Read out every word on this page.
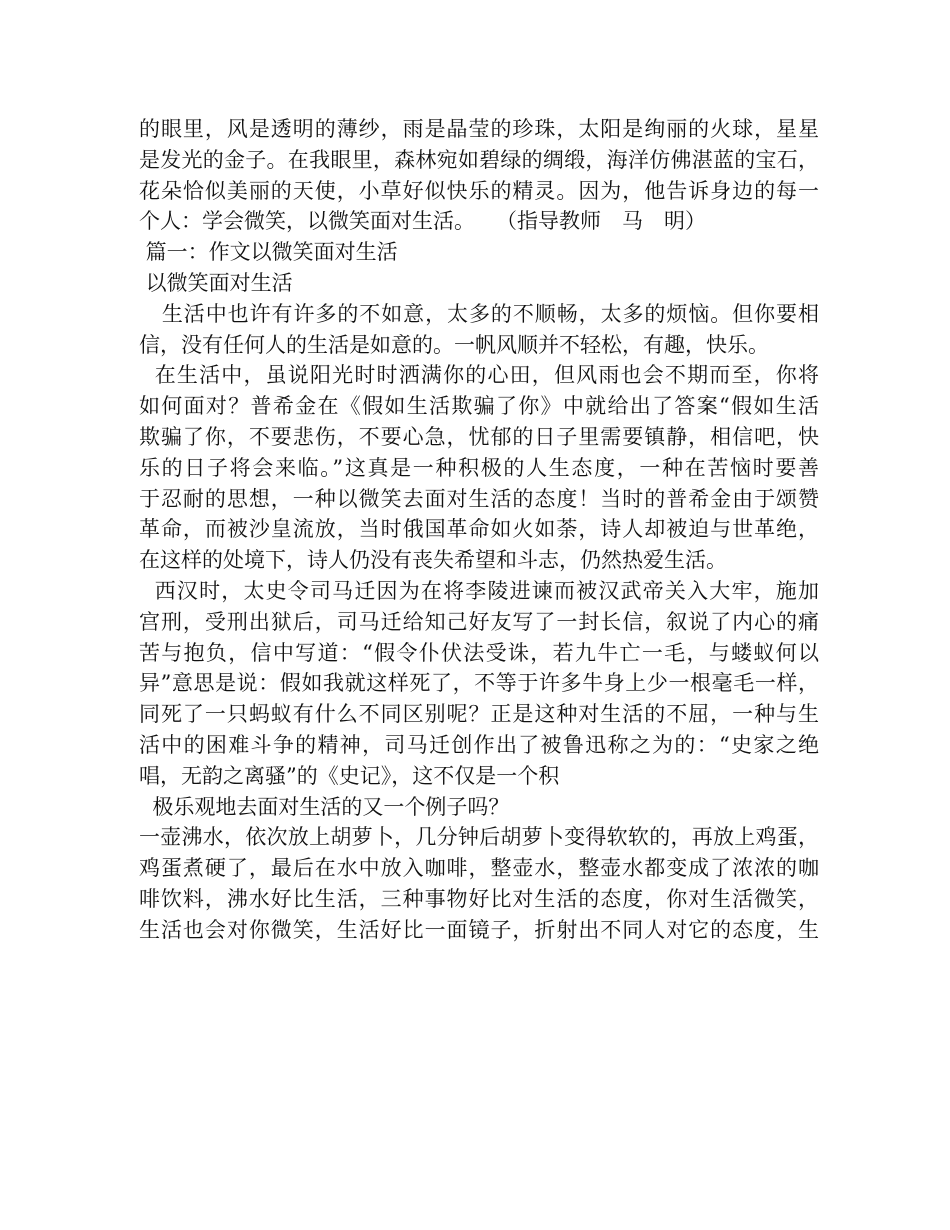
的眼里，风是透明的薄纱，雨是晶莹的珍珠，太阳是绚丽的火球，星星
是发光的金子。在我眼里，森林宛如碧绿的绸缎，海洋仿佛湛蓝的宝石，
花朵恰似美丽的天使，小草好似快乐的精灵。因为，他告诉身边的每一
个人：学会微笑，以微笑面对生活。　　（指导教师　马　明）
篇一：作文以微笑面对生活
以微笑面对生活
生活中也许有许多的不如意，太多的不顺畅，太多的烦恼。但你要相
信，没有任何人的生活是如意的。一帆风顺并不轻松，有趣，快乐。
在生活中，虽说阳光时时洒满你的心田，但风雨也会不期而至，你将
如何面对？普希金在《假如生活欺骗了你》中就给出了答案“假如生活
欺骗了你，不要悲伤，不要心急，忧郁的日子里需要镇静，相信吧，快
乐的日子将会来临。”这真是一种积极的人生态度，一种在苦恼时要善
于忍耐的思想，一种以微笑去面对生活的态度！当时的普希金由于颂赞
革命，而被沙皇流放，当时俄国革命如火如荼，诗人却被迫与世革绝，
在这样的处境下，诗人仍没有丧失希望和斗志，仍然热爱生活。
西汉时，太史令司马迁因为在将李陵进谏而被汉武帝关入大牢，施加
宫刑，受刑出狱后，司马迁给知己好友写了一封长信，叙说了内心的痛
苦与抱负，信中写道：“假令仆伏法受诛，若九牛亡一毛，与蝼蚁何以
异”意思是说：假如我就这样死了，不等于许多牛身上少一根毫毛一样，
同死了一只蚂蚁有什么不同区别呢？正是这种对生活的不屈，一种与生
活中的困难斗争的精神，司马迁创作出了被鲁迅称之为的：“史家之绝
唱，无韵之离骚”的《史记》，这不仅是一个积
极乐观地去面对生活的又一个例子吗？
一壶沸水，依次放上胡萝卜，几分钟后胡萝卜变得软软的，再放上鸡蛋，
鸡蛋煮硬了，最后在水中放入咖啡，整壶水，整壶水都变成了浓浓的咖
啡饮料，沸水好比生活，三种事物好比对生活的态度，你对生活微笑，
生活也会对你微笑，生活好比一面镜子，折射出不同人对它的态度，生
